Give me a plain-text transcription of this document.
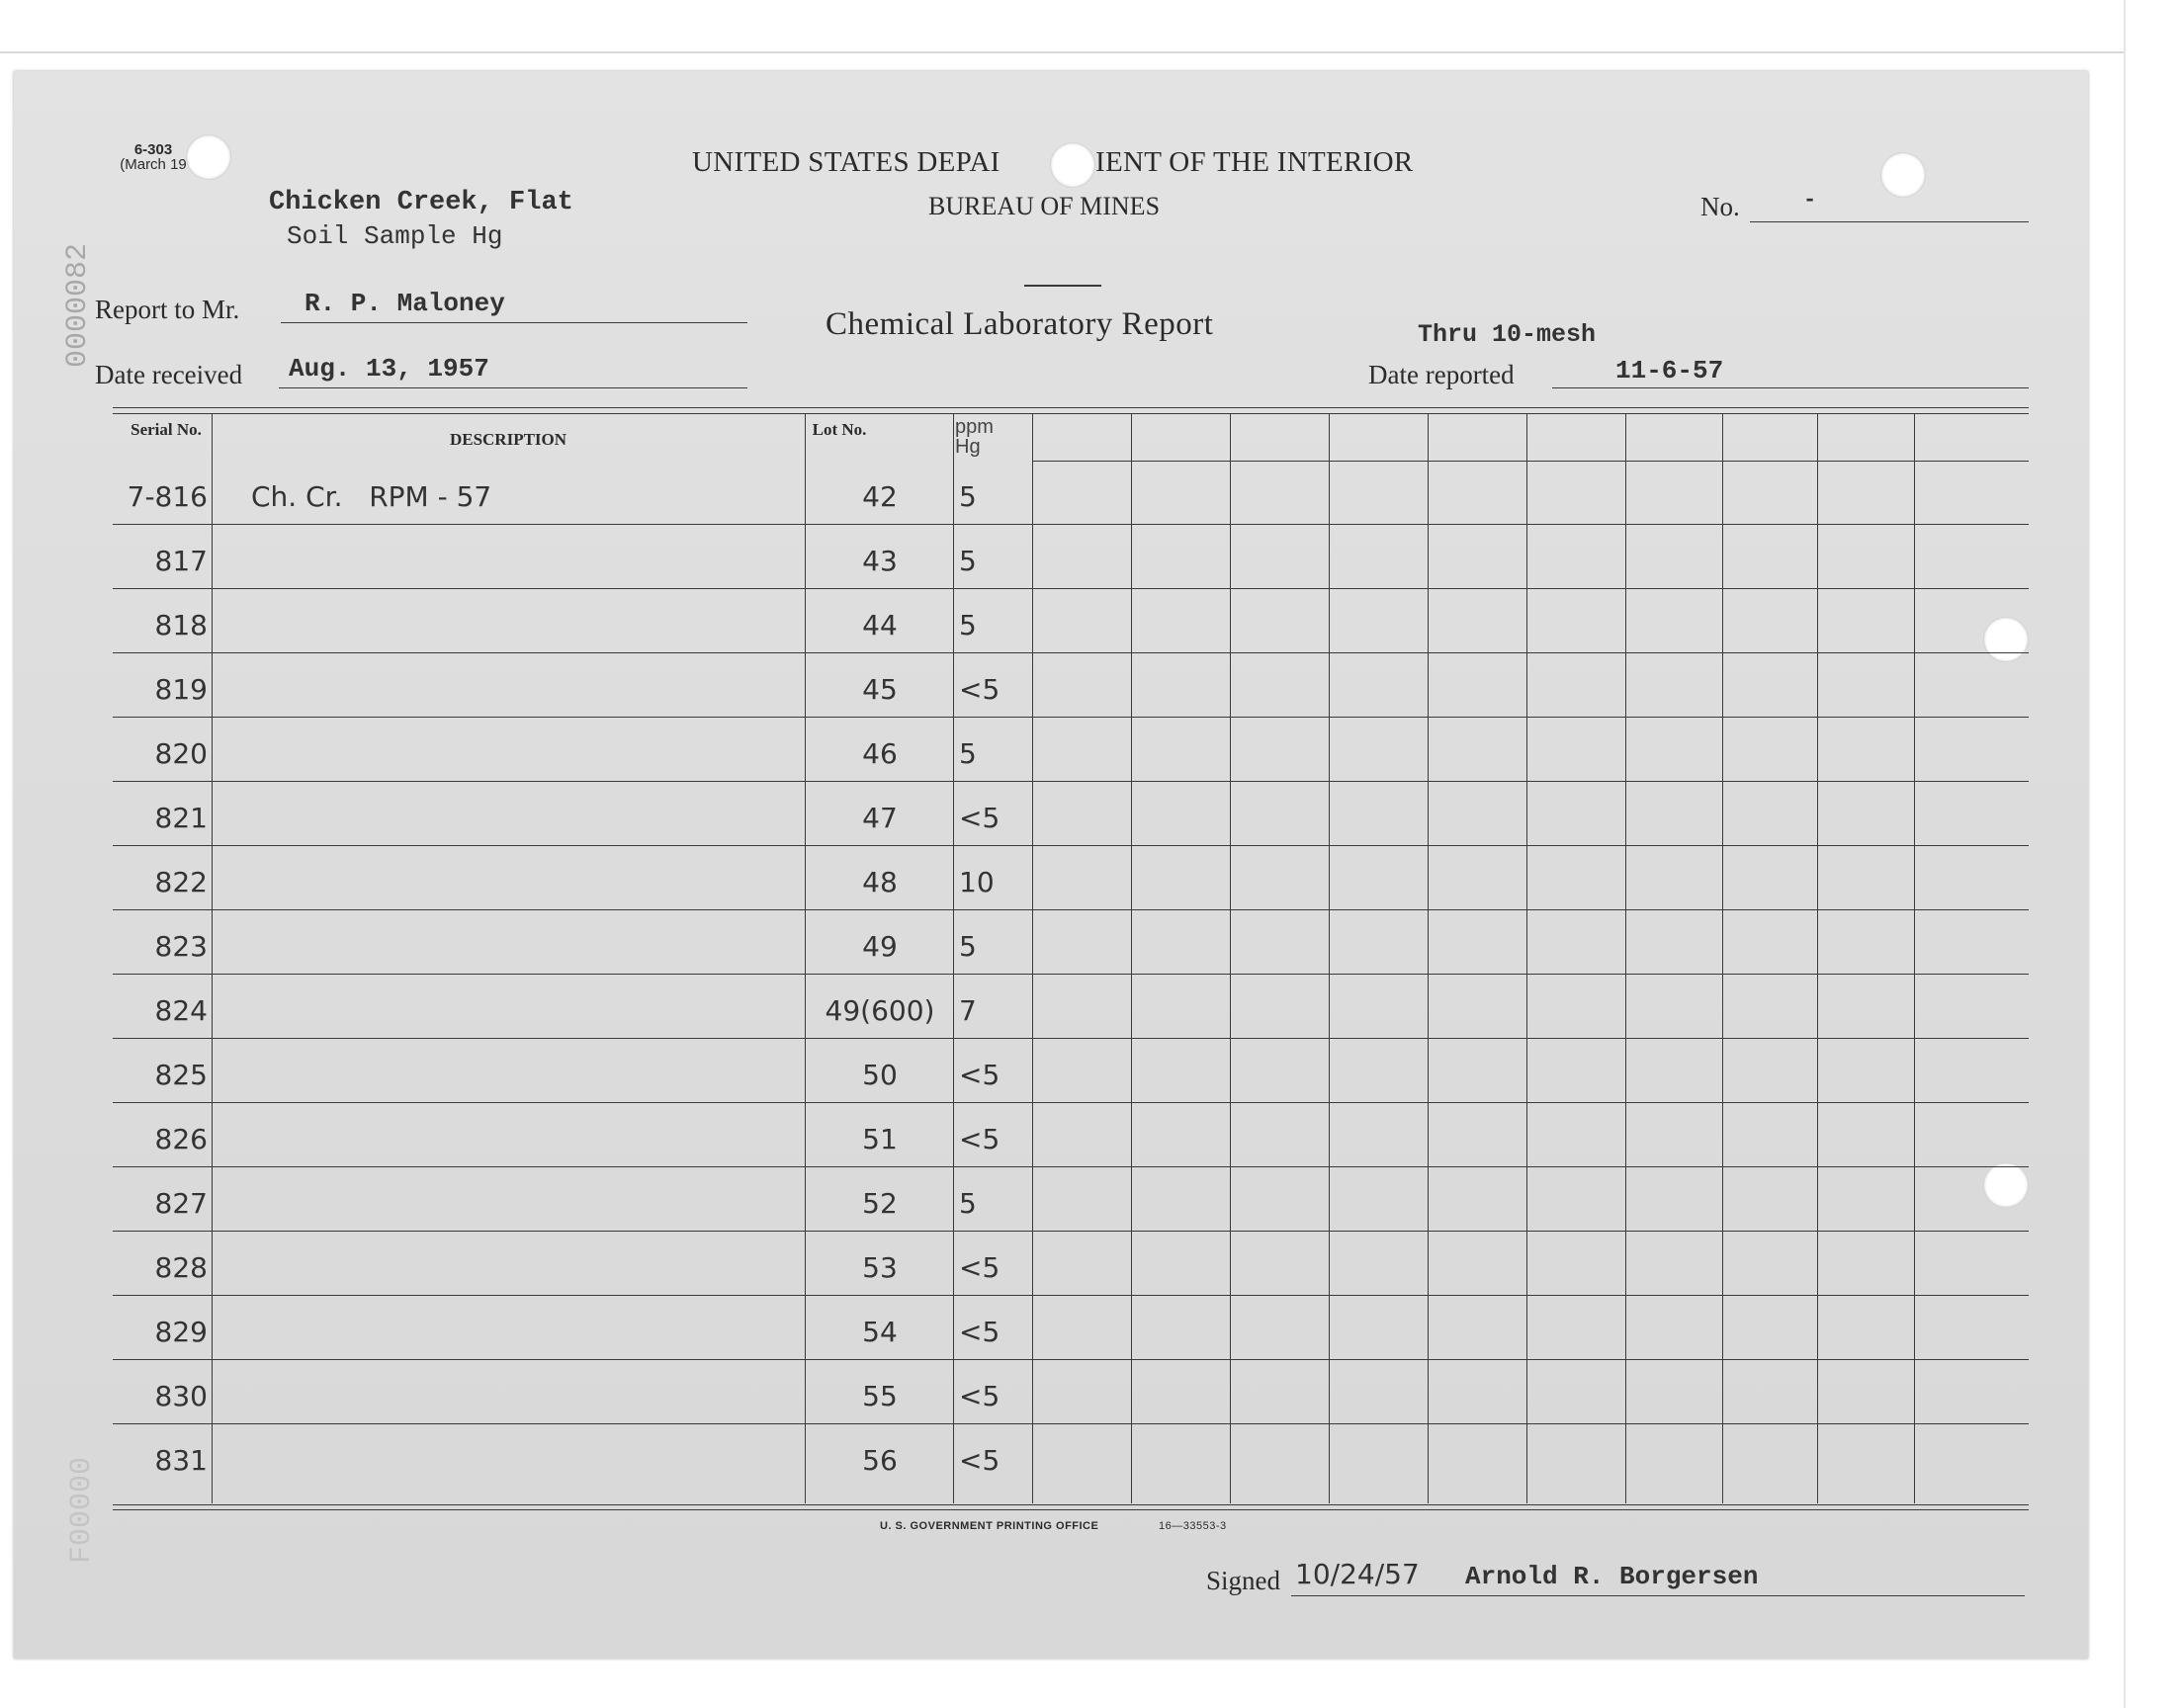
6-303
(March 19
0000082
F00000
UNITED STATES DEPAI	IENT OF THE INTERIOR
BUREAU OF MINES
Chemical Laboratory Report
No.	-
Chicken Creek, Flat
Soil Sample Hg
Report to Mr.	R. P. Maloney
Date received Aug. 13, 1957
Thru 10-mesh
Date reported	11-6-57
Serial No.
DESCRIPTION
Lot No.	ppm Hg
7-816 Ch. Cr.   RPM - 57	42	5
817	43	5
818	44	5
819	45	<5
820	46	5
821	47	<5
822	48	10
823	49	5
824	49(600) 7
825	50	<5
826	51	<5
827	52	5
828	53	<5
829	54	<5
830	55	<5
831	56	<5
U. S. GOVERNMENT PRINTING OFFICE	16—33553-3
Signed 10/24/57 Arnold R. Borgersen
